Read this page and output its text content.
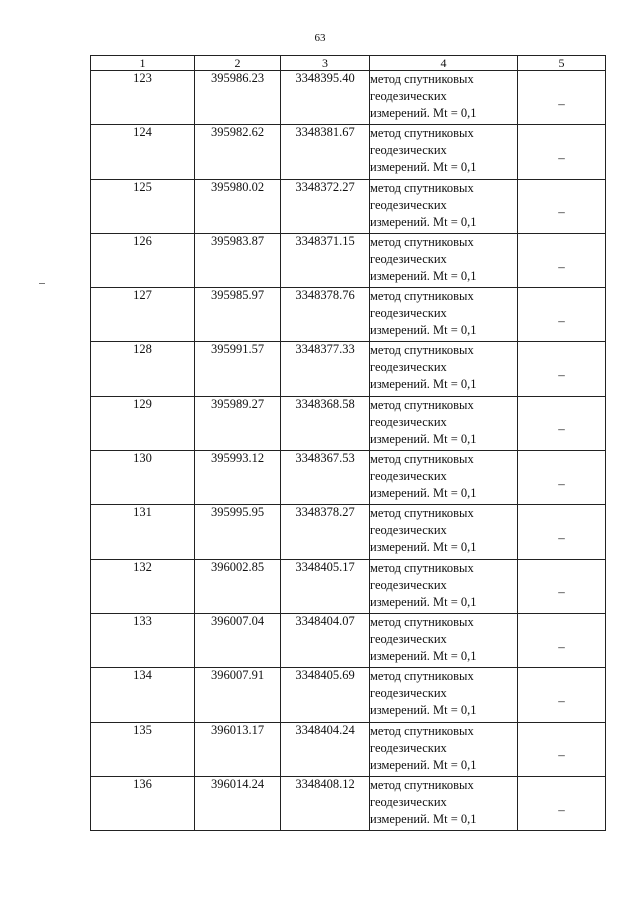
63
1	2	3	4	5
123	395986.23	3348395.40	метод спутниковых
геодезических
измерений. Mt = 0,1	–
124	395982.62	3348381.67	метод спутниковых
геодезических
измерений. Mt = 0,1	–
125	395980.02	3348372.27	метод спутниковых
геодезических
измерений. Mt = 0,1	–
126	395983.87	3348371.15	метод спутниковых
геодезических
измерений. Mt = 0,1	–
127	395985.97	3348378.76	метод спутниковых
геодезических
измерений. Mt = 0,1	–
128	395991.57	3348377.33	метод спутниковых
геодезических
измерений. Mt = 0,1	–
129	395989.27	3348368.58	метод спутниковых
геодезических
измерений. Mt = 0,1	–
130	395993.12	3348367.53	метод спутниковых
геодезических
измерений. Mt = 0,1	–
131	395995.95	3348378.27	метод спутниковых
геодезических
измерений. Mt = 0,1	–
132	396002.85	3348405.17	метод спутниковых
геодезических
измерений. Mt = 0,1	–
133	396007.04	3348404.07	метод спутниковых
геодезических
измерений. Mt = 0,1	–
134	396007.91	3348405.69	метод спутниковых
геодезических
измерений. Mt = 0,1	–
135	396013.17	3348404.24	метод спутниковых
геодезических
измерений. Mt = 0,1	–
136	396014.24	3348408.12	метод спутниковых
геодезических
измерений. Mt = 0,1	–
